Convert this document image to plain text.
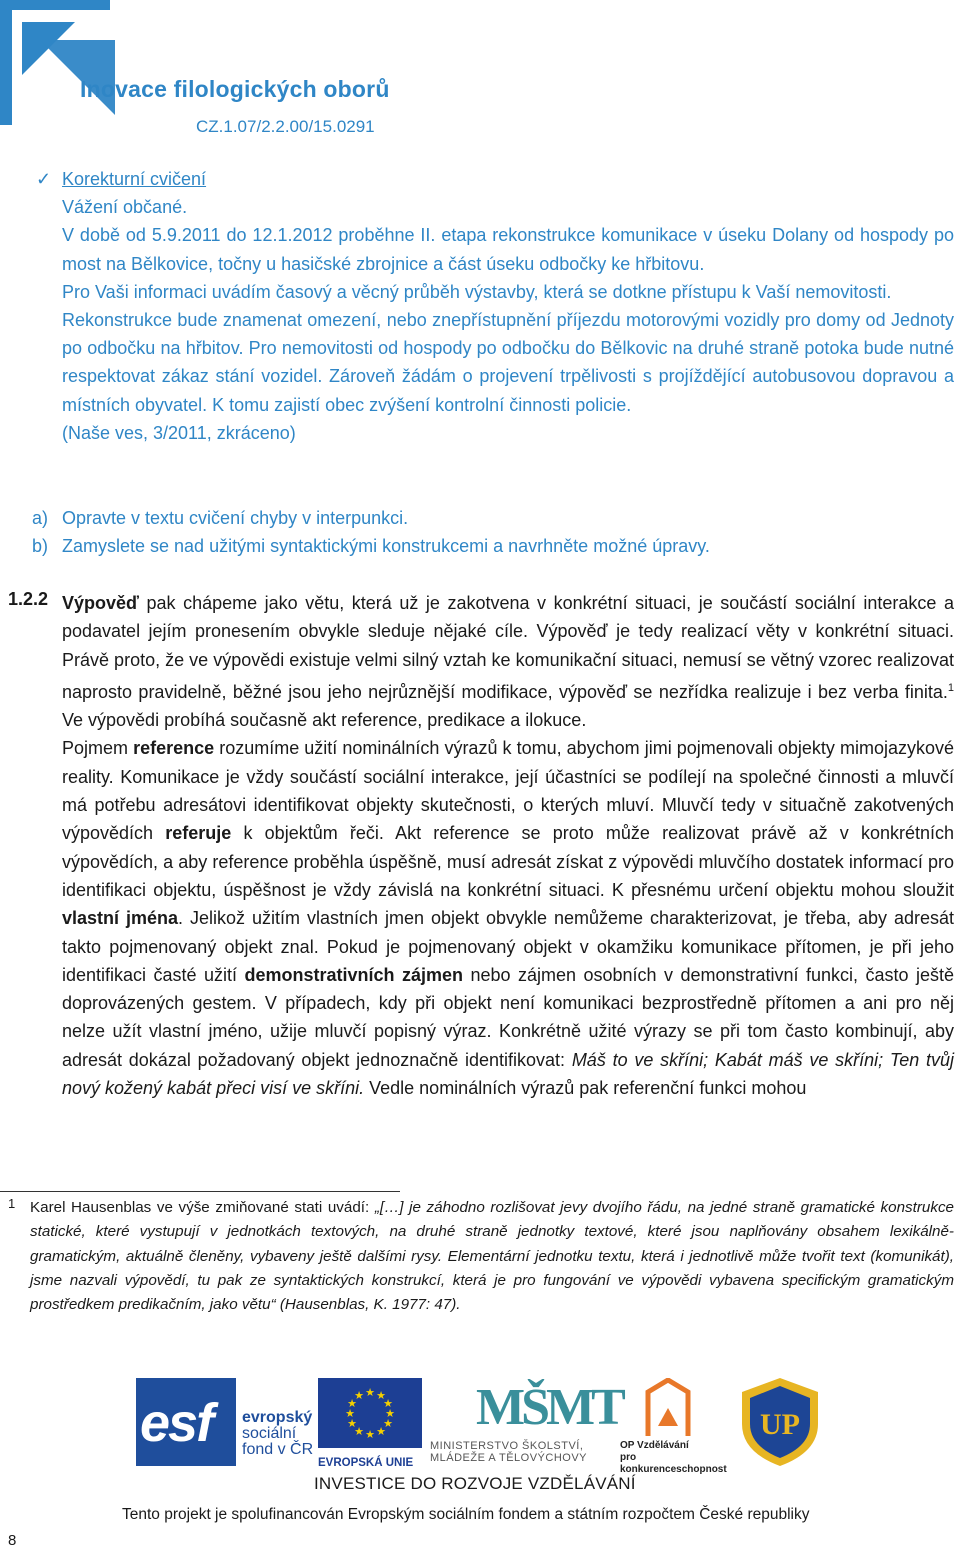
Inovace filologických oborů
CZ.1.07/2.2.00/15.0291
✓ Korekturní cvičení

Vážení občané.

V době od 5.9.2011 do 12.1.2012 proběhne II. etapa rekonstrukce komunikace v úseku Dolany od hospody po most na Bělkovice, točny u hasičské zbrojnice a část úseku odbočky ke hřbitovu.

Pro Vaši informaci uvádím časový a věcný průběh výstavby, která se dotkne přístupu k Vaší nemovitosti.

Rekonstrukce bude znamenat omezení, nebo znepřístupnění příjezdu motorovými vozidly pro domy od Jednoty po odbočku na hřbitov. Pro nemovitosti od hospody po odbočku do Bělkovic na druhé straně potoka bude nutné respektovat zákaz stání vozidel. Zároveň žádám o projevení trpělivosti s projíždějící autobusovou dopravou a místních obyvatel. K tomu zajistí obec zvýšení kontrolní činnosti policie.

(Naše ves, 3/2011, zkráceno)

a) Opravte v textu cvičení chyby v interpunkci.
b) Zamyslete se nad užitými syntaktickými konstrukcemi a navrhněte možné úpravy.
1.2.2 Výpověď pak chápeme jako větu, která už je zakotvena v konkrétní situaci, je součástí sociální interakce a podavatel jejím pronesením obvykle sleduje nějaké cíle. Výpověď je tedy realizací věty v konkrétní situaci. Právě proto, že ve výpovědi existuje velmi silný vztah ke komunikační situaci, nemusí se větný vzorec realizovat naprosto pravidelně, běžné jsou jeho nejrůznější modifikace, výpověď se nezřídka realizuje i bez verba finita.$^1$ Ve výpovědi probíhá současně akt reference, predikace a ilokuce.

Pojmem reference rozumíme užití nominálních výrazů k tomu, abychom jimi pojmenovali objekty mimojazykové reality. Komunikace je vždy součástí sociální interakce, její účastníci se podílejí na společné činnosti a mluvčí má potřebu adresátovi identifikovat objekty skutečnosti, o kterých mluví. Mluvčí tedy v situačně zakotvených výpovědích referuje k objektům řeči. Akt reference se proto může realizovat právě až v konkrétních výpovědích, a aby reference proběhla úspěšně, musí adresát získat z výpovědi mluvčího dostatek informací pro identifikaci objektu, úspěšnost je vždy závislá na konkrétní situaci. K přesnému určení objektu mohou sloužit vlastní jména. Jelikož užitím vlastních jmen objekt obvykle nemůžeme charakterizovat, je třeba, aby adresát takto pojmenovaný objekt znal. Pokud je pojmenovaný objekt v okamžiku komunikace přítomen, je při jeho identifikaci časté užití demonstrativních zájmen nebo zájmen osobních v demonstrativní funkci, často ještě doprovázených gestem. V případech, kdy při objekt není komunikaci bezprostředně přítomen a ani pro něj nelze užít vlastní jméno, užije mluvčí popisný výraz. Konkrétně užité výrazy se při tom často kombinují, aby adresát dokázal požadovaný objekt jednoznačně identifikovat: Máš to ve skříni; Kabát máš ve skříni; Ten tvůj nový kožený kabát přeci visí ve skříni. Vedle nominálních výrazů pak referenční funkci mohou

1 Karel Hausenblas ve výše zmiňované stati uvádí: „[…] je záhodno rozlišovat jevy dvojího řádu, na jedné straně gramatické konstrukce statické, které vystupují v jednotkách textových, na druhé straně jednotky textové, které jsou naplňovány obsahem lexikálně-gramatickým, aktuálně členěny, vybaveny ještě dalšími rysy. Elementární jednotku textu, která i jednotlivě může tvořit text (komunikát), jsme nazvali výpovědí, tu pak ze syntaktických konstrukcí, která je pro fungování ve výpovědi vybavena specifickým gramatickým prostředkem predikačním, jako větu“ (Hausenblas, K. 1977: 47).
esf evropský
sociální
fond v ČR
★ ★
★
★
★
★
★
★
★
★
★
★
EVROPSKÁ UNIE
MŠMT
MINISTERSTVO ŠKOLSTVÍ,
MLÁDEŽE A TĚLOVÝCHOVY
OP Vzdělávání
pro konkurenceschopnost
UP
INVESTICE DO ROZVOJE VZDĚLÁVÁNÍ
Tento projekt je spolufinancován Evropským sociálním fondem a státním rozpočtem České republiky
8
